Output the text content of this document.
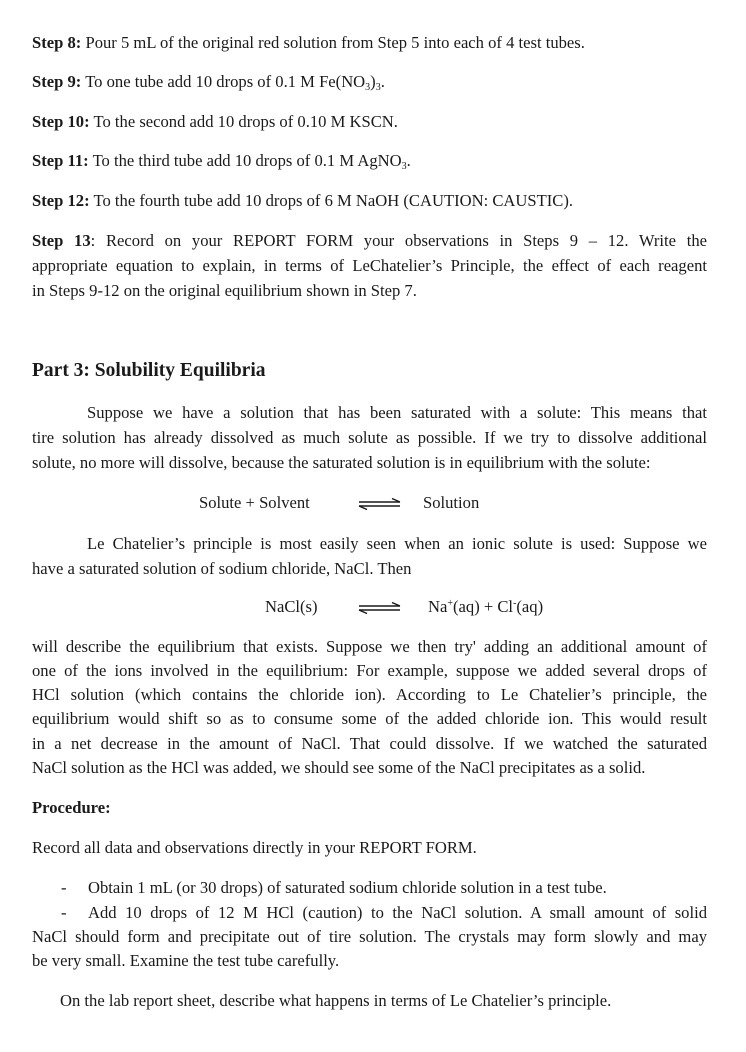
Step 8: Pour 5 mL of the original red solution from Step 5 into each of 4 test tubes.
Step 9: To one tube add 10 drops of 0.1 M $Fe(NO_3)_3$.
Step 10: To the second add 10 drops of 0.10 M KSCN.
Step 11: To the third tube add 10 drops of 0.1 M AgNO$_3$.
Step 12: To the fourth tube add 10 drops of 6 M NaOH (CAUTION: CAUSTIC).
Step 13: Record on your REPORT FORM your observations in Steps 9 – 12. Write the
appropriate equation to explain, in terms of LeChatelier’s Principle, the effect of each reagent
in Steps 9-12 on the original equilibrium shown in Step 7.
Part 3: Solubility Equilibria
Suppose we have a solution that has been saturated with a solute: This means that
tire solution has already dissolved as much solute as possible. If we try to dissolve additional
solute, no more will dissolve, because the saturated solution is in equilibrium with the solute:
Solute + Solvent	⇌ Solution
Le Chatelier’s principle is most easily seen when an ionic solute is used: Suppose we
have a saturated solution of sodium chloride, NaCl. Then
NaCl(s)	Na+(aq) + Cl-(aq)
will describe the equilibrium that exists. Suppose we then try' adding an additional amount of
one of the ions involved in the equilibrium: For example, suppose we added several drops of
HCl solution (which contains the chloride ion). According to Le Chatelier’s principle, the
equilibrium would shift so as to consume some of the added chloride ion. This would result
in a net decrease in the amount of NaCl. That could dissolve. If we watched the saturated
NaCl solution as the HCl was added, we should see some of the NaCl precipitates as a solid.
Procedure:
Record all data and observations directly in your REPORT FORM.
- Obtain 1 mL (or 30 drops) of saturated sodium chloride solution in a test tube.
- Add 10 drops of 12 M HCl (caution) to the NaCl solution. A small amount of solid
NaCl should form and precipitate out of tire solution. The crystals may form slowly and may
be very small. Examine the test tube carefully.
On the lab report sheet, describe what happens in terms of Le Chatelier’s principle.
